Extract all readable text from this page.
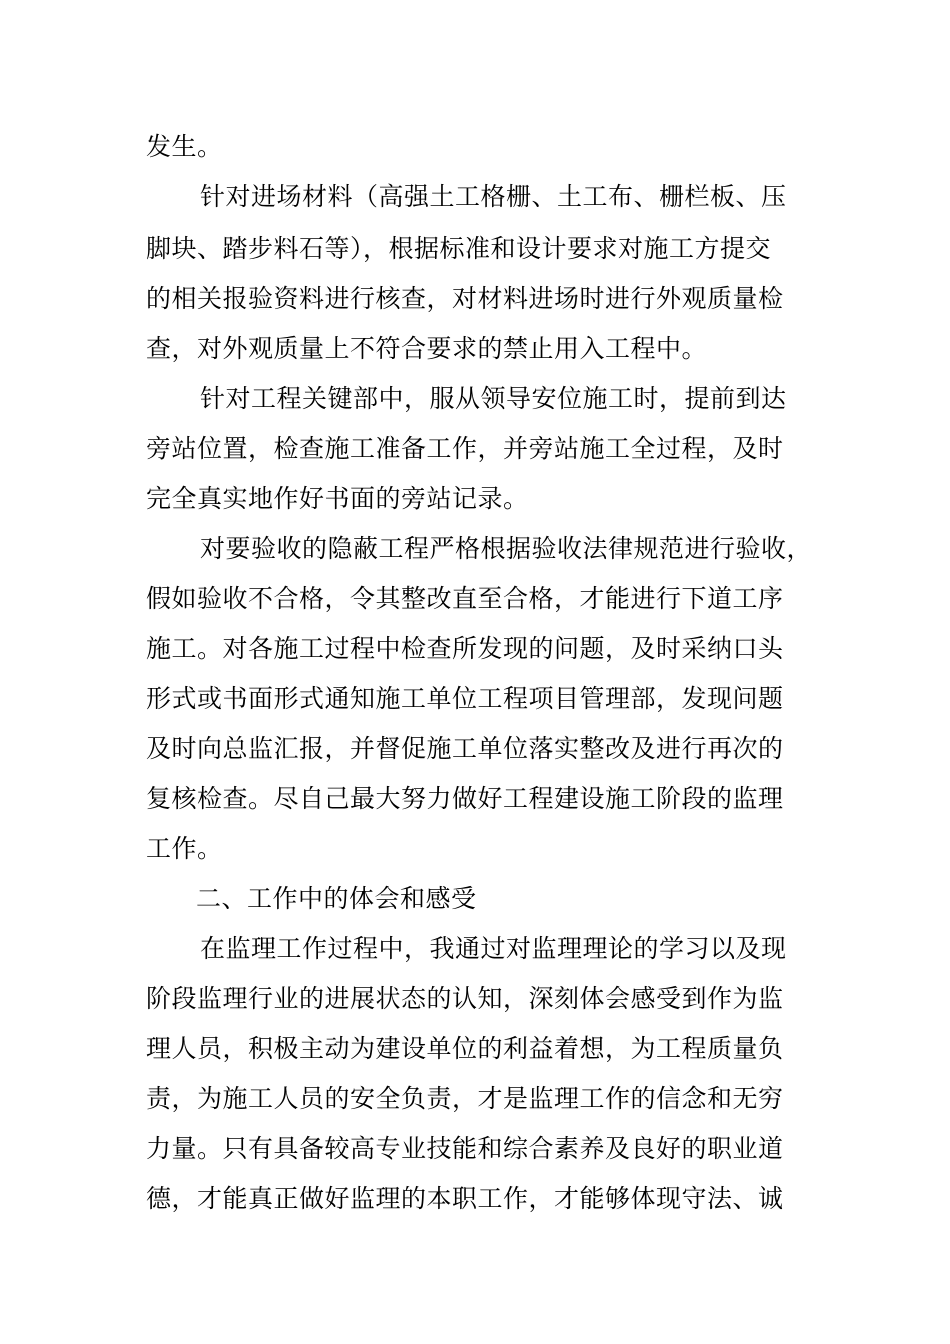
发生。
针对进场材料（高强土工格栅、土工布、栅栏板、压
脚块、踏步料石等），根据标准和设计要求对施工方提交
的相关报验资料进行核查，对材料进场时进行外观质量检
查，对外观质量上不符合要求的禁止用入工程中。
针对工程关键部中，服从领导安位施工时，提前到达
旁站位置，检查施工准备工作，并旁站施工全过程，及时
完全真实地作好书面的旁站记录。
对要验收的隐蔽工程严格根据验收法律规范进行验收，
假如验收不合格，令其整改直至合格，才能进行下道工序
施工。对各施工过程中检查所发现的问题，及时采纳口头
形式或书面形式通知施工单位工程项目管理部，发现问题
及时向总监汇报，并督促施工单位落实整改及进行再次的
复核检查。尽自己最大努力做好工程建设施工阶段的监理
工作。
二、工作中的体会和感受
在监理工作过程中，我通过对监理理论的学习以及现
阶段监理行业的进展状态的认知，深刻体会感受到作为监
理人员，积极主动为建设单位的利益着想，为工程质量负
责，为施工人员的安全负责，才是监理工作的信念和无穷
力量。只有具备较高专业技能和综合素养及良好的职业道
德，才能真正做好监理的本职工作，才能够体现守法、诚
